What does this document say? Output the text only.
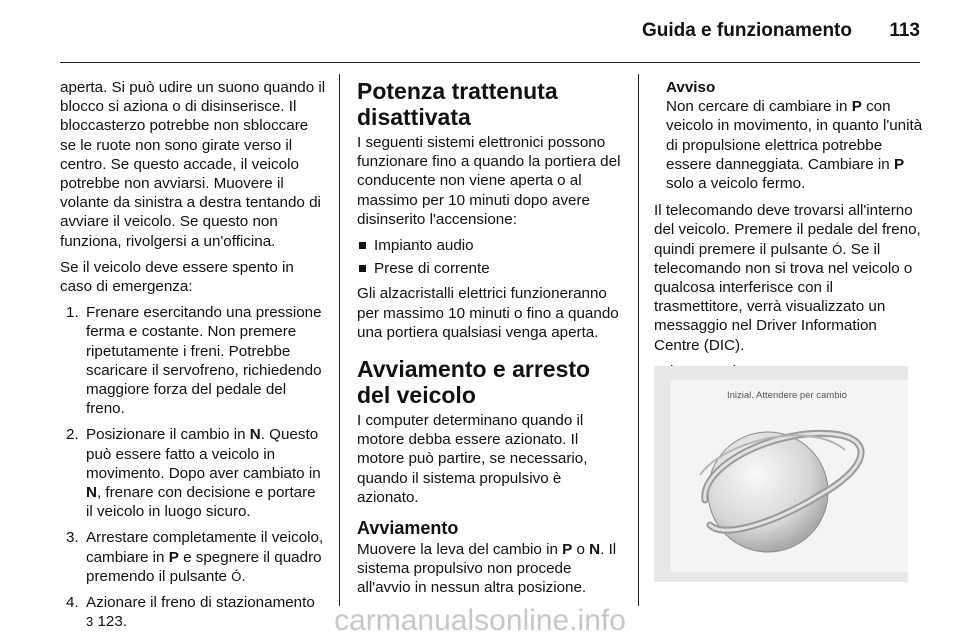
Guida e funzionamento 113

aperta. Si può udire un suono quando il blocco si aziona o di disinserisce. Il bloccasterzo potrebbe non sbloccare se le ruote non sono girate verso il centro. Se questo accade, il veicolo potrebbe non avviarsi. Muovere il volante da sinistra a destra tentando di avviare il veicolo. Se questo non funziona, rivolgersi a un'officina.

Se il veicolo deve essere spento in caso di emergenza:

1. Frenare esercitando una pressione ferma e costante. Non premere ripetutamente i freni. Potrebbe scaricare il servofreno, richiedendo maggiore forza del pedale del freno.
2. Posizionare il cambio in N. Questo può essere fatto a veicolo in movimento. Dopo aver cambiato in N, frenare con decisione e portare il veicolo in luogo sicuro.
3. Arrestare completamente il veicolo, cambiare in P e spegnere il quadro premendo il pulsante Ó.
4. Azionare il freno di stazionamento 3 123.
Potenza trattenuta disattivata

I seguenti sistemi elettronici possono funzionare fino a quando la portiera del conducente non viene aperta o al massimo per 10 minuti dopo avere disinserito l'accensione:

Impianto audio
Prese di corrente

Gli alzacristalli elettrici funzioneranno per massimo 10 minuti o fino a quando una portiera qualsiasi venga aperta.

Avviamento e arresto del veicolo

I computer determinano quando il motore debba essere azionato. Il motore può partire, se necessario, quando il sistema propulsivo è azionato.

Avviamento

Muovere la leva del cambio in P o N. Il sistema propulsivo non procede all'avvio in nessun altra posizione.

Avviso
Non cercare di cambiare in P con veicolo in movimento, in quanto l'unità di propulsione elettrica potrebbe essere danneggiata. Cambiare in P solo a veicolo fermo.

Il telecomando deve trovarsi all'interno del veicolo. Premere il pedale del freno, quindi premere il pulsante Ó. Se il telecomando non si trova nel veicolo o qualcosa interferisce con il trasmettitore, verrà visualizzato un messaggio nel Driver Information Centre (DIC).

Inizial. Attendere per cambio
carmanualsonline.info
